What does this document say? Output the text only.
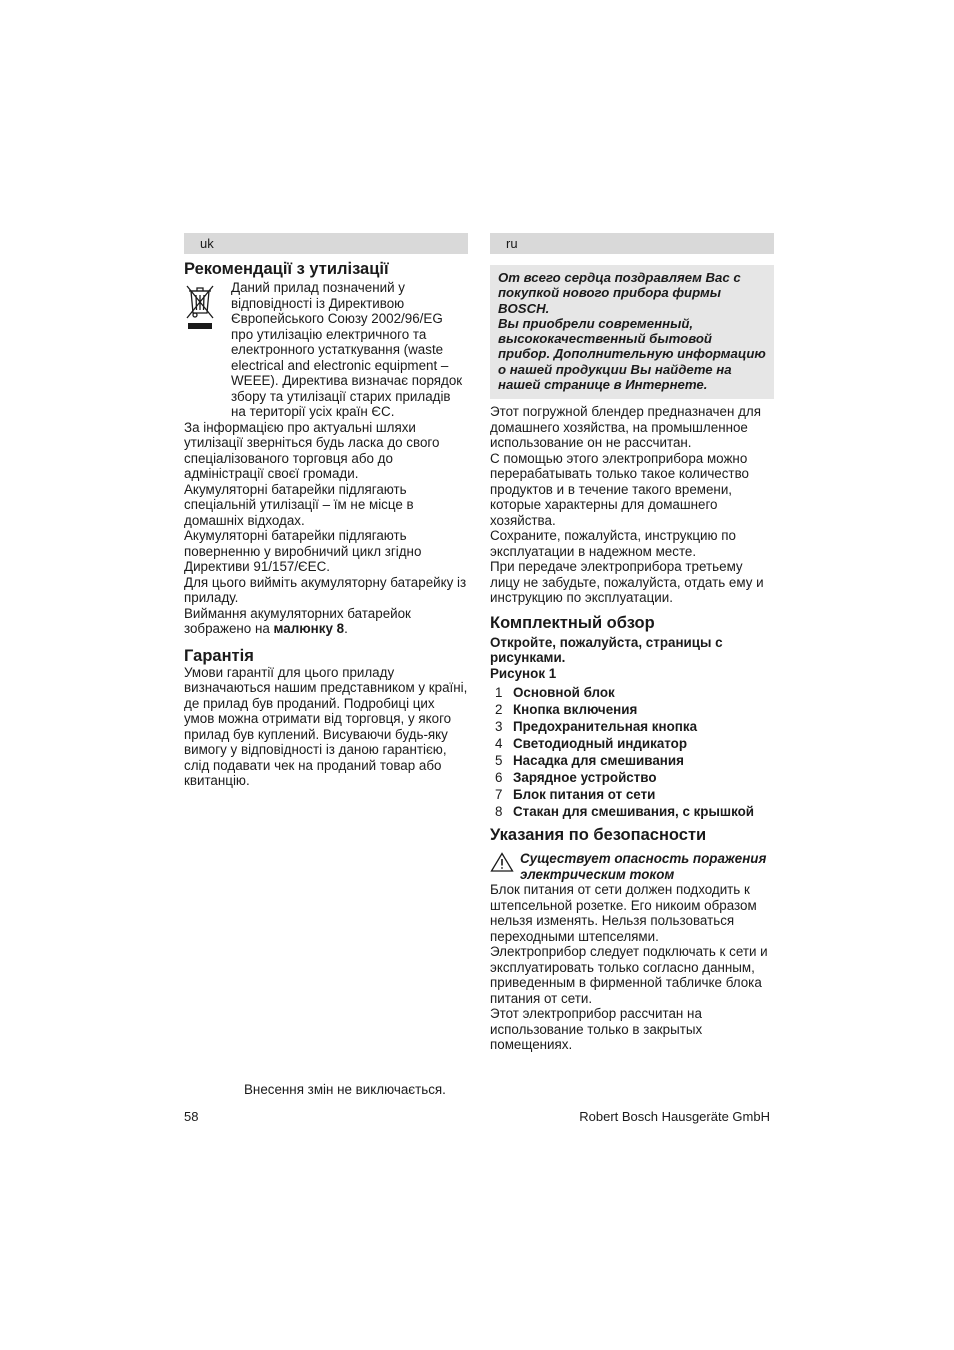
uk
Рекомендації з утилізації

Даний прилад позначений у відповідності із Директивою Європейського Союзу 2002/96/EG про утилізацію електричного та електронного устаткування (waste electrical and electronic equipment – WEEE). Директива визначає порядок збору та утилізації старих приладів на території усіх країн ЄС.

За інформацією про актуальні шляхи утилізації зверніться будь ласка до свого спеціалізованого торговця або до адміністрації своєї громади.

Акумуляторні батарейки підлягають спеціальній утилізації – їм не місце в домашніх відходах.

Акумуляторні батарейки підлягають поверненню у виробничий цикл згідно Директиви 91/157/ЄЕС.

Для цього вийміть акумуляторну батарейку із приладу.

Виймання акумуляторних батарейок зображено на малюнку 8.

Гарантія

Умови гарантії для цього приладу визначаються нашим представником у країні, де прилад був проданий. Подробиці цих умов можна отримати від торговця, у якого прилад був куплений. Висуваючи будь-яку вимогу у відповідності із даною гарантією, слід подавати чек на проданий товар або квитанцію.

ru

От всего сердца поздравляем Вас с покупкой нового прибора фирмы BOSCH.

Вы приобрели современный, высококачественный бытовой прибор. Дополнительную информацию о нашей продукции Вы найдете на нашей странице в Интернете.

Этот погружной блендер предназначен для домашнего хозяйства, на промышленное использование он не рассчитан.

С помощью этого электроприбора можно перерабатывать только такое количество продуктов и в течение такого времени, которые характерны для домашнего хозяйства.

Сохраните, пожалуйста, инструкцию по эксплуатации в надежном месте.

При передаче электроприбора третьему лицу не забудьте, пожалуйста, отдать ему и инструкцию по эксплуатации.

Комплектный обзор

Откройте, пожалуйста, страницы с рисунками.

Рисунок 1

1 Основной блок
2 Кнопка включения
3 Предохранительная кнопка
4 Светодиодный индикатор
5 Насадка для смешивания
6 Зарядное устройство
7 Блок питания от сети
8 Стакан для смешивания, с крышкой
Указания по безопасности

Существует опасность поражения электрическим током

Блок питания от сети должен подходить к штепсельной розетке. Его никоим образом нельзя изменять. Нельзя пользоваться переходными штепселями.

Электроприбор следует подключать к сети и эксплуатировать только согласно данным, приведенным в фирменной табличке блока питания от сети.

Этот электроприбор рассчитан на использование только в закрытых помещениях.

Внесення змін не виключається.
58	Robert Bosch Hausgeräte GmbH
